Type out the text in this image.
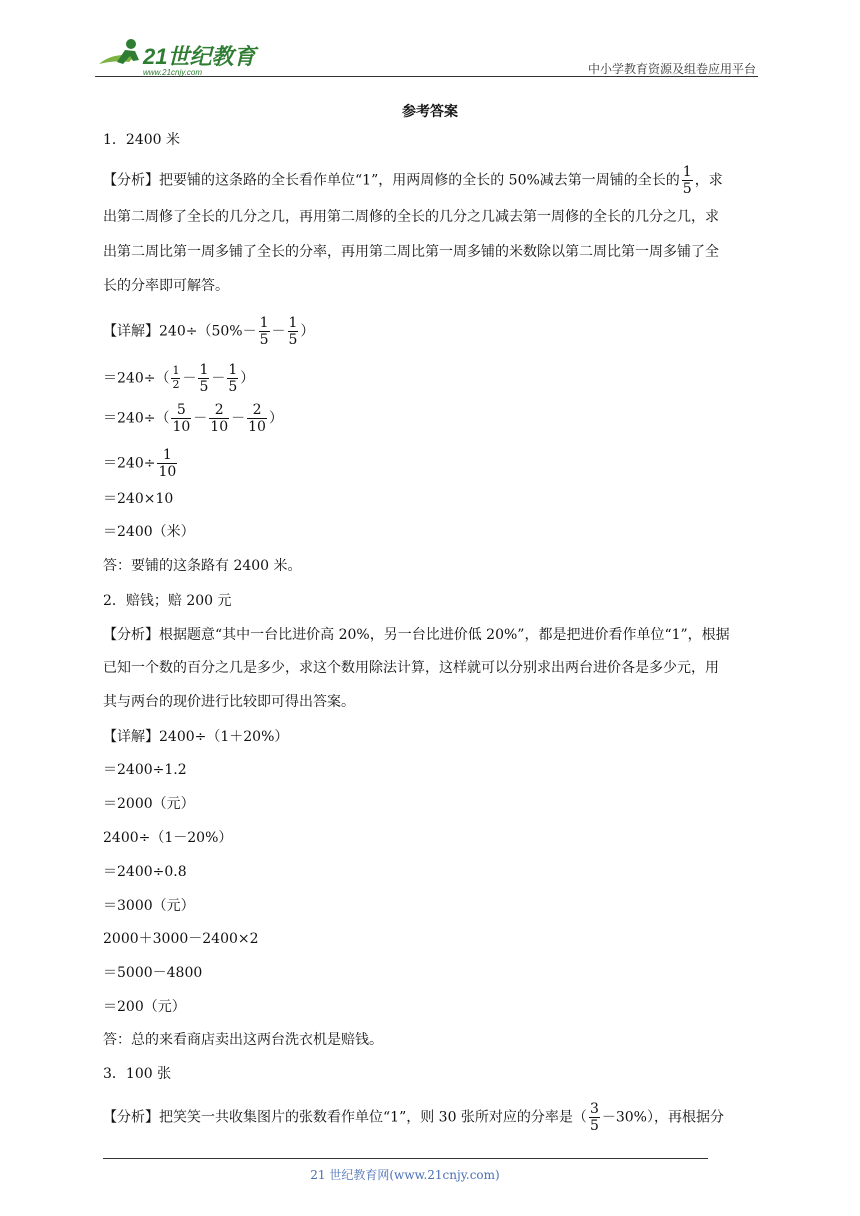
21世纪教育
www.21cnjy.com	中小学教育资源及组卷应用平台
参考答案
1．2400 米
【分析】把要铺的这条路的全长看作单位“1”，用两周修的全长的 50%减去第一周铺的全长的 $\frac{1}{5}$ ，求
出第二周修了全长的几分之几，再用第二周修的全长的几分之几减去第一周修的全长的几分之几，求
出第二周比第一周多铺了全长的分率，再用第二周比第一周多铺的米数除以第二周比第一周多铺了全
长的分率即可解答。
【详解】$240\div(50\%- \frac{1}{5} - \frac{1}{5}$ ）
$=240\div( \frac{1}{2} - \frac{1}{5} - \frac{1}{5}$ ）
$=240\div( \frac{5}{10} - \frac{2}{10} - \frac{2}{10}$ ）
$=240\div \frac{1}{10}$
＝240×10
＝2400（米）
答：要铺的这条路有 2400 米。
2．赔钱；赔 200 元
【分析】根据题意“其中一台比进价高 20%，另一台比进价低 20%”，都是把进价看作单位“1”，根据
已知一个数的百分之几是多少，求这个数用除法计算，这样就可以分别求出两台进价各是多少元，用
其与两台的现价进行比较即可得出答案。
【详解】2400÷（1＋20%）
＝2400÷1.2
＝2000（元）
2400÷（1－20%）
＝2400÷0.8
＝3000（元）
2000＋3000－2400×2
＝5000－4800
＝200（元）
答：总的来看商店卖出这两台洗衣机是赔钱。
3．100 张
【分析】把笑笑一共收集图片的张数看作单位“1”，则 30 张所对应的分率是（ $\frac{3}{5} -30\%$），再根据分
21 世纪教育网(www.21cnjy.com)
